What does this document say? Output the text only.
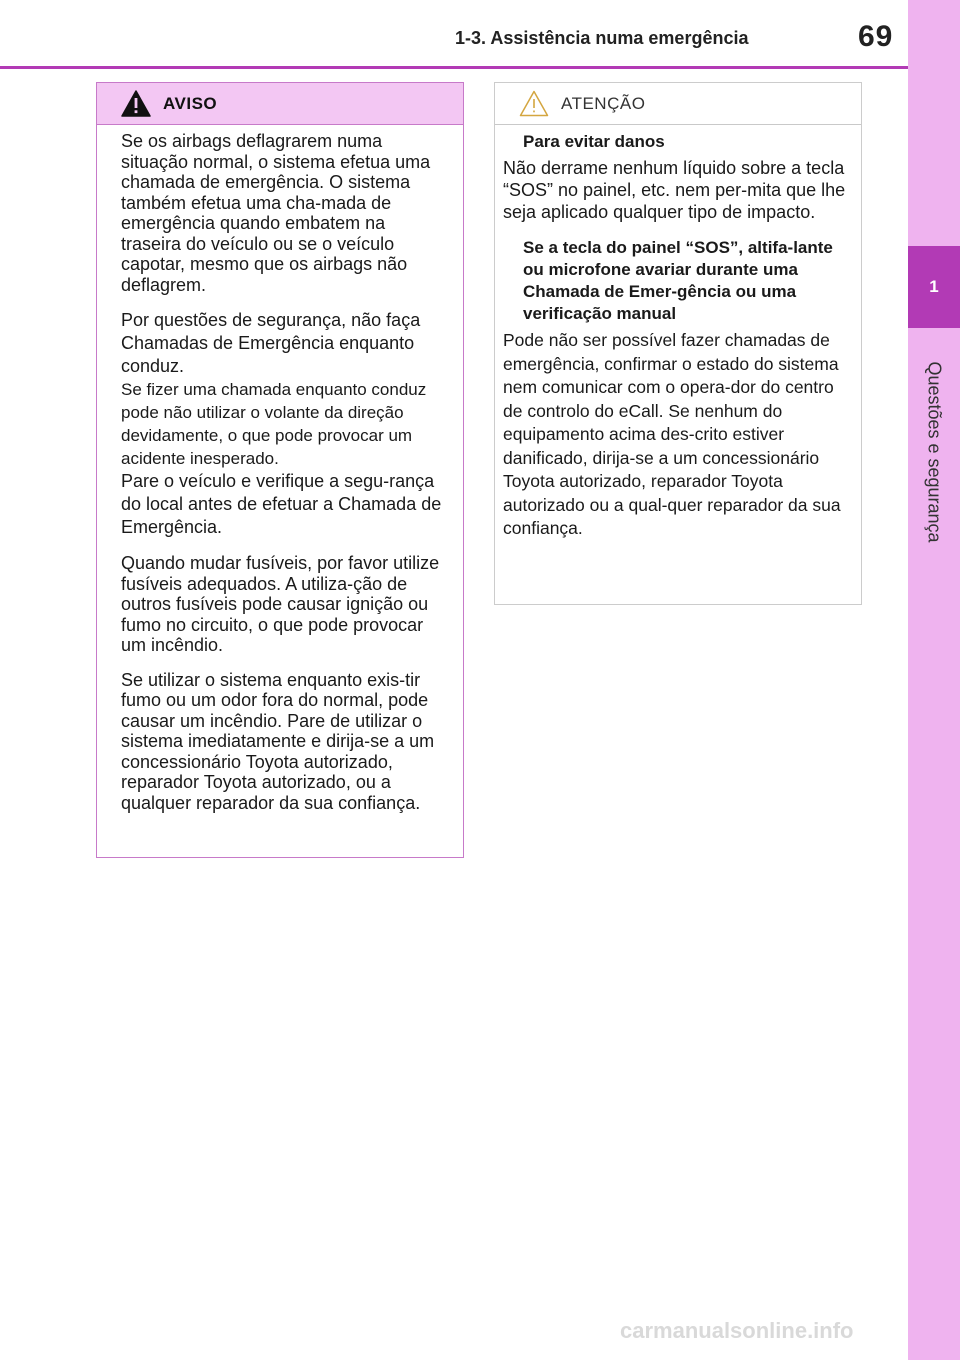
1-3. Assistência numa emergência	69
1
Questões e segurança
AVISO

Se os airbags deflagrarem numa situação normal, o sistema efetua uma chamada de emergência. O sistema também efetua uma cha-mada de emergência quando embatem na traseira do veículo ou se o veículo capotar, mesmo que os airbags não deflagrem.

Por questões de segurança, não faça Chamadas de Emergência enquanto conduz.

Se fizer uma chamada enquanto conduz pode não utilizar o volante da direção devidamente, o que pode provocar um acidente inesperado.

Pare o veículo e verifique a segu-rança do local antes de efetuar a Chamada de Emergência.

Quando mudar fusíveis, por favor utilize fusíveis adequados. A utiliza-ção de outros fusíveis pode causar ignição ou fumo no circuito, o que pode provocar um incêndio.

Se utilizar o sistema enquanto exis-tir fumo ou um odor fora do normal, pode causar um incêndio. Pare de utilizar o sistema imediatamente e dirija-se a um concessionário Toyota autorizado, reparador Toyota autorizado, ou a qualquer reparador da sua confiança.

ATENÇÃO

Para evitar danos

Não derrame nenhum líquido sobre a tecla “SOS” no painel, etc. nem per-mita que lhe seja aplicado qualquer tipo de impacto.

Se a tecla do painel “SOS”, altifa-lante ou microfone avariar durante uma Chamada de Emer-gência ou uma verificação manual

Pode não ser possível fazer chamadas de emergência, confirmar o estado do sistema nem comunicar com o opera-dor do centro de controlo do eCall. Se nenhum do equipamento acima des-crito estiver danificado, dirija-se a um concessionário Toyota autorizado, reparador Toyota autorizado ou a qual-quer reparador da sua confiança.

carmanualsonline.info
